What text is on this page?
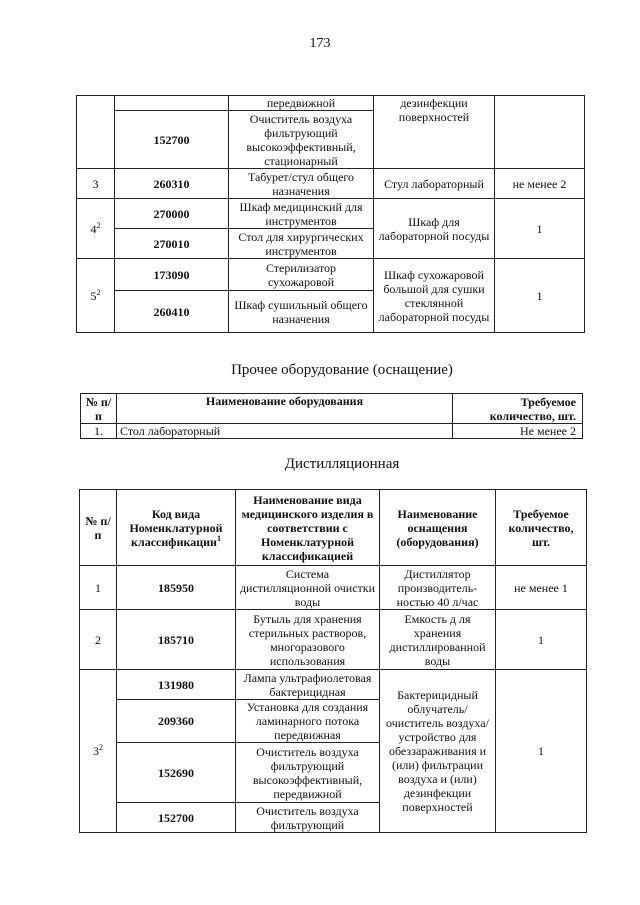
173
		передвижной	дезинфекции поверхностей	
	152700	Очиститель воздуха фильтрующий высокоэффективный, стационарный		
3	260310	Табурет/стул общего назначения	Стул лабораторный	не менее 2
$4^2$	270000	Шкаф медицинский для инструментов	Шкаф для лабораторной посуды	1
	270010	Стол для хирургических инструментов		
$5^2$	173090	Стерилизатор сухожаровой	Шкаф сухожаровой большой для сушки стеклянной лабораторной посуды	1
	260410	Шкаф сушильный общего назначения		
Прочее оборудование (оснащение)
№ п/п	Наименование оборудования	Требуемое количество, шт.
1.	Стол лабораторный	Не менее 2
Дистилляционная
№ п/п	Код вида Номенклатурной классификации$^1$	Наименование вида медицинского изделия в соответствии с Номенклатурной классификацией	Наименование оснащения (оборудования)	Требуемое количество, шт.
1	185950	Система дистилляционной очистки воды	Дистиллятор производитель- ностью 40 л/час	не менее 1
2	185710	Бутыль для хранения стерильных растворов, многоразового использования	Емкость д ля хранения дистиллированной воды	1
$3^2$	131980	Лампа ультрафиолетовая бактерицидная	Бактерицидный облучатель/ очиститель воздуха/ устройство для обеззараживания и (или) фильтрации воздуха и (или) дезинфекции поверхностей	1
	209360	Установка для создания ламинарного потока передвижная		
	152690	Очиститель воздуха фильтрующий высокоэффективный, передвижной		
	152700	Очиститель воздуха фильтрующий		
